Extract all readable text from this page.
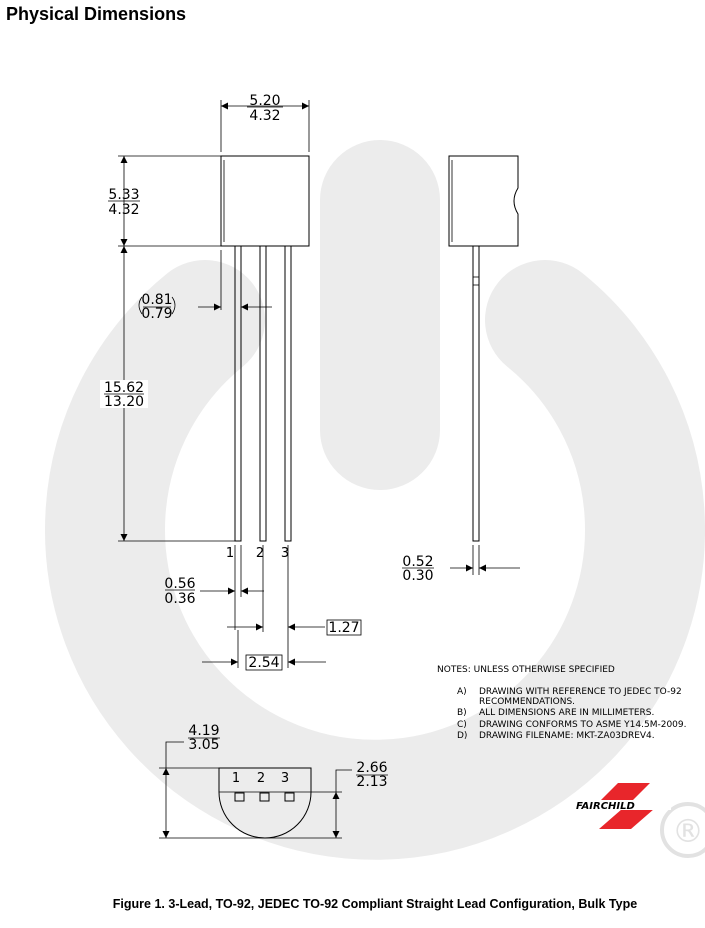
Physical Dimensions
®
1 2 3
5.20
4.32
5.33
4.32
0.81
0.79
15.62
13.20
0.56
0.36
1.27
2.54
0.52
0.30
NOTES: UNLESS OTHERWISE SPECIFIED
A) DRAWING WITH REFERENCE TO JEDEC TO-92
RECOMMENDATIONS.
B) ALL DIMENSIONS ARE IN MILLIMETERS.
C) DRAWING CONFORMS TO ASME Y14.5M-2009.
D) DRAWING FILENAME: MKT-ZA03DREV4.
1 2 3
4.19
3.05
2.66
2.13
FAIRCHILD
Figure 1. 3-Lead, TO-92, JEDEC TO-92 Compliant Straight Lead Configuration, Bulk Type
